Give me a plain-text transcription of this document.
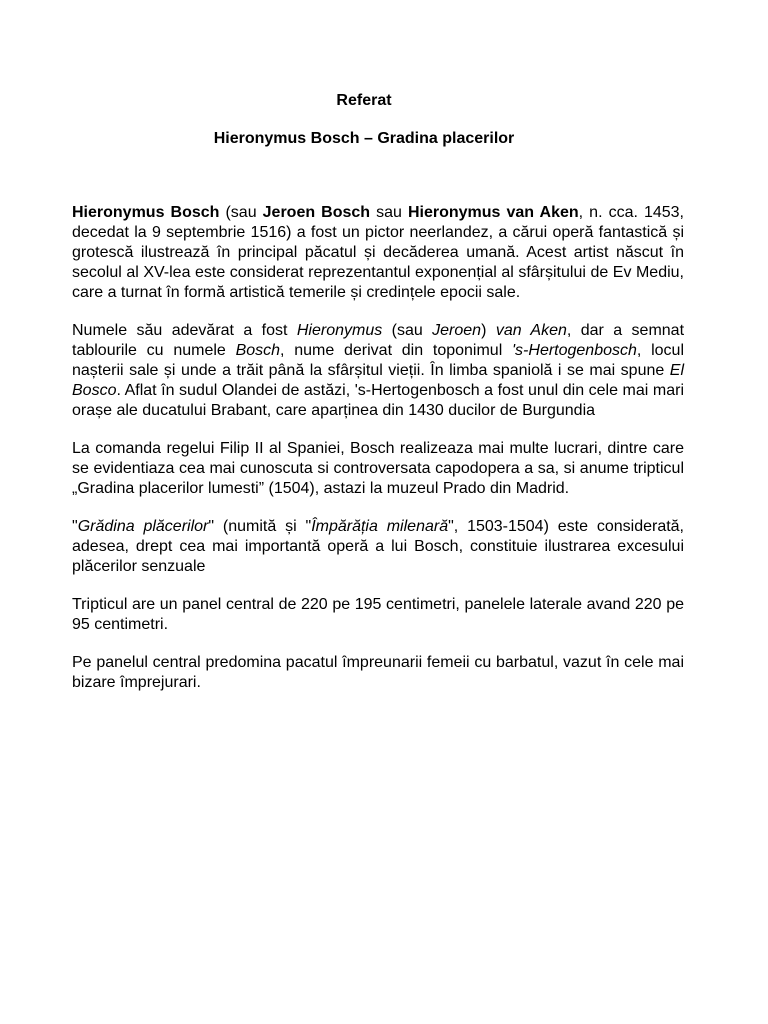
Referat
Hieronymus Bosch – Gradina placerilor

Hieronymus Bosch (sau Jeroen Bosch sau Hieronymus van Aken, n. cca. 1453, decedat la 9 septembrie 1516) a fost un pictor neerlandez, a cărui operă fantastică și grotescă ilustrează în principal păcatul și decăderea umană. Acest artist născut în secolul al XV-lea este considerat reprezentantul exponențial al sfârșitului de Ev Mediu, care a turnat în formă artistică temerile și credințele epocii sale.

Numele său adevărat a fost Hieronymus (sau Jeroen) van Aken, dar a semnat tablourile cu numele Bosch, nume derivat din toponimul 's-Hertogenbosch, locul nașterii sale și unde a trăit până la sfârșitul vieții. În limba spaniolă i se mai spune El Bosco. Aflat în sudul Olandei de astăzi, 's-Hertogenbosch a fost unul din cele mai mari orașe ale ducatului Brabant, care aparținea din 1430 ducilor de Burgundia

La comanda regelui Filip II al Spaniei, Bosch realizeaza mai multe lucrari, dintre care se evidentiaza cea mai cunoscuta si controversata capodopera a sa, si anume tripticul „Gradina placerilor lumesti” (1504), astazi la muzeul Prado din Madrid.

"Grădina plăcerilor" (numită și "Împărăția milenară", 1503-1504) este considerată, adesea, drept cea mai importantă operă a lui Bosch, constituie ilustrarea excesului plăcerilor senzuale

Tripticul are un panel central de 220 pe 195 centimetri, panelele laterale avand 220 pe 95 centimetri.

Pe panelul central predomina pacatul împreunarii femeii cu barbatul, vazut în cele mai bizare împrejurari.
